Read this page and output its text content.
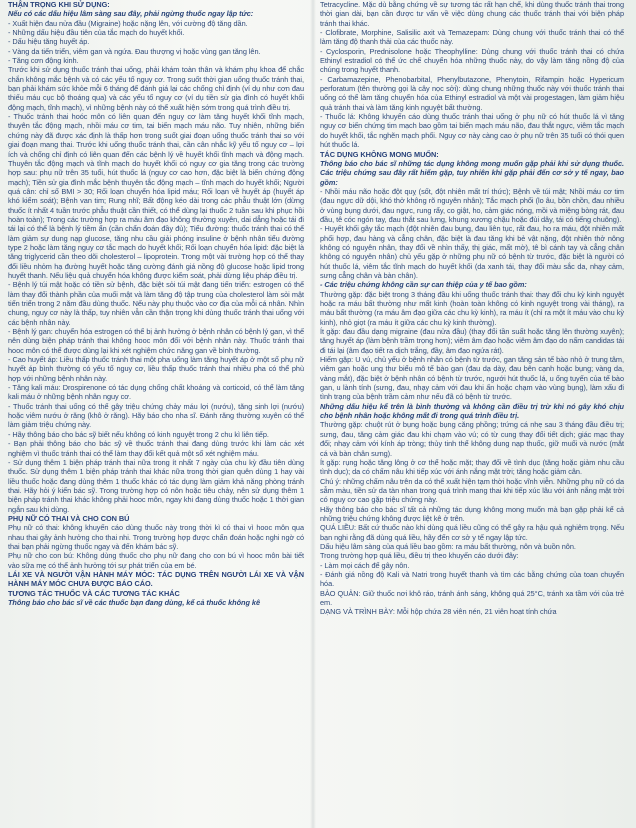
THẬN TRỌNG KHI SỬ DỤNG:

Nếu có các dấu hiệu lâm sàng sau đây, phải ngừng thuốc ngay lập tức:

- Xuất hiện đau nửa đầu (Migraine) hoặc nặng lên, với cường độ tăng dần.

- Những dấu hiệu đầu tiên của tắc mạch do huyết khối.

- Dấu hiệu tăng huyết áp.

- Vàng da tiến triển, viêm gan và ngứa. Đau thượng vị hoặc vùng gan tăng lên.

- Tăng cơn động kinh.

Trước khi sử dụng thuốc tránh thai uống, phải khám toàn thân và khám phụ khoa để chắc chắn không mắc bệnh và có các yếu tố nguy cơ. Trong suốt thời gian uống thuốc tránh thai, bạn phải khám sức khỏe mỗi 6 tháng để đánh giá lại các chống chỉ định (ví dụ như cơn đau thiếu máu cục bộ thoáng qua) và các yếu tố nguy cơ (ví dụ tiền sử gia đình có huyết khối động mạch, tĩnh mạch), vì những bệnh này có thể xuất hiện sớm trong quá trình điều trị.

- Thuốc tránh thai hoóc môn có liên quan đến nguy cơ làm tăng huyết khối tĩnh mạch, thuyên tắc động mạch, nhồi máu cơ tim, tai biến mạch máu não. Tuy nhiên, những biến chứng này đã được xác định là thấp hơn trong suốt giai đoạn uống thuốc tránh thai so với giai đoạn mang thai. Trước khi uống thuốc tránh thai, cần cân nhắc kỹ yếu tố nguy cơ – lợi ích và chống chỉ định có liên quan đến các bệnh lý về huyết khối tĩnh mạch và động mạch. Thuyên tắc động mạch và tĩnh mạch do huyết khối có nguy cơ gia tăng trong các trường hợp sau: phụ nữ trên 35 tuổi, hút thuốc lá (nguy cơ cao hơn, đặc biệt là biến chứng động mạch); Tiền sử gia đình mắc bệnh thuyên tắc động mạch – tĩnh mạch do huyết khối; Người quá cân: chỉ số BMI > 30; Rối loạn chuyển hóa lipid máu; Rối loạn về huyết áp (huyết áp khó kiểm soát); Bệnh van tim; Rung nhĩ; Bất động kéo dài trong các phẫu thuật lớn (dừng thuốc ít nhất 4 tuần trước phẫu thuật cần thiết, có thể dùng lại thuốc 2 tuần sau khi phục hồi hoàn toàn); Trong các trường hợp ra máu âm đạo không thường xuyên, dai dẳng hoặc tái đi tái lại có thể là bệnh lý tiềm ẩn (cần chẩn đoán đầy đủ); Tiểu đường: thuốc tránh thai có thể làm giảm sự dung nạp glucose, tăng nhu cầu giải phóng insuline ở bệnh nhân tiểu đường type 2 hoặc làm tăng nguy cơ tắc mạch do huyết khối; Rối loạn chuyển hóa lipid: đặc biệt là tăng triglycerid cần theo dõi cholesterol – lipoprotein. Trong một vài trường hợp có thể thay đổi liều nhỏm hạ đường huyết hoặc tăng cường đánh giá nồng độ glucose hoặc lipid trong huyết thanh. Nếu liệu quả chuyển hóa không được kiểm soát, phải dừng liệu pháp điều trị.

- Bệnh lý túi mật hoặc có tiền sử bệnh, đặc biệt sỏi túi mật đang tiến triển: estrogen có thể làm thay đổi thành phần của muối mật và làm tăng độ tập trung của cholesterol làm sỏi mật tiến triển trong 2 năm đầu dùng thuốc. Nếu này phụ thuộc vào cơ địa của mỗi cá nhân. Nhìn chung, nguy cơ này là thấp, tuy nhiên vẫn cần thận trọng khi dùng thuốc tránh thai uống với các bệnh nhân này.

- Bệnh lý gan: chuyển hóa estrogen có thể bị ảnh hưởng ở bệnh nhân có bệnh lý gan, vì thế nên dùng biện pháp tránh thai không hooc môn đối với bệnh nhân này. Thuốc tránh thai hooc môn có thể được dùng lại khi xét nghiệm chức năng gan về bình thường.

- Cao huyết áp: Liều thấp thuốc tránh thai một pha uống làm tăng huyết áp ở một số phụ nữ huyết áp bình thường có yếu tố nguy cơ, liều thấp thuốc tránh thai nhiều pha có thể phù hợp với những bệnh nhân này.

- Tăng kali máu: Drospirenone có tác dụng chống chất khoáng và corticoid, có thể làm tăng kali máu ở những bệnh nhân nguy cơ.

- Thuốc tránh thai uống có thể gây triệu chứng chảy máu lợi (nướu), tăng sinh lợi (nướu) hoặc viêm nướu ở răng (khô ở răng). Hãy báo cho nha sĩ. Đánh răng thường xuyên có thể làm giảm triệu chứng này.

- Hãy thông báo cho bác sỹ biết nếu không có kinh nguyệt trong 2 chu kì liên tiếp.

- Bạn phải thông báo cho bác sỹ về thuốc tránh thai đang dùng trước khi làm các xét nghiệm vì thuốc tránh thai có thể làm thay đổi kết quả một số xét nghiệm máu.

- Sử dụng thêm 1 biện pháp tránh thai nữa trong ít nhất 7 ngày của chu kỳ đầu tiên dùng thuốc. Sử dụng thêm 1 biện pháp tránh thai khác nữa trong thời gian quên dùng 1 hay vài liều thuốc hoặc đang dùng thêm 1 thuốc khác có tác dụng làm giảm khả năng phòng tránh thai. Hãy hỏi ý kiến bác sỹ. Trong trường hợp có nôn hoặc tiêu chảy, nên sử dụng thêm 1 biện pháp tránh thai khác không phải hooc môn, ngay khi đang dùng thuốc hoặc 1 thời gian ngắn sau khi dùng.

PHỤ NỮ CÓ THAI VÀ CHO CON BÚ

Phụ nữ có thai: không khuyến cáo dùng thuốc này trong thời kì có thai vì hooc môn qua nhau thai gây ảnh hưởng cho thai nhi. Trong trường hợp được chẩn đoán hoặc nghi ngờ có thai bạn phải ngừng thuốc ngay và đến khám bác sỹ.

Phụ nữ cho con bú: Không dùng thuốc cho phụ nữ đang cho con bú vì hooc môn bài tiết vào sữa mẹ có thể ảnh hưởng tới sự phát triển của em bé.

LÁI XE VÀ NGƯỜI VẬN HÀNH MÁY MÓC: TÁC DỤNG TRÊN NGƯỜI LÁI XE VÀ VẬN HÀNH MÁY MÓC CHƯA ĐƯỢC BÁO CÁO.

TƯƠNG TÁC THUỐC VÀ CÁC TƯƠNG TÁC KHÁC

Thông báo cho bác sĩ về các thuốc bạn đang dùng, kể cả thuốc không kê

Tetracycline. Mặc dù bằng chứng về sự tương tác rất hạn chế, khi dùng thuốc tránh thai trong thời gian dài, bạn cần được tư vấn về việc dùng chung các thuốc tránh thai với biện pháp tránh thai khác.

- Clofibrate, Morphine, Salisilic axit và Temazepam: Dùng chung với thuốc tránh thai có thể làm tăng độ thanh thải của các thuốc này.

- Cyclosporin, Prednisolone hoặc Theophylline: Dùng chung với thuốc tránh thai có chứa Ethinyl estradiol có thể ức chế chuyển hóa những thuốc này, do vậy làm tăng nồng độ của chúng trong huyết thanh.

- Carbamazepine, Phenobarbital, Phenylbutazone, Phenytoin, Rifampin hoặc Hypericum perforatum (tên thường gọi là cây nọc sởi): dùng chung những thuốc này với thuốc tránh thai uống có thể làm tăng chuyển hóa của Ethinyl estradiol và một vài progestagen, làm giảm hiệu quả tránh thai và làm tăng kinh nguyệt bất thường.

- Thuốc lá: Không khuyến cáo dùng thuốc tránh thai uống ở phụ nữ có hút thuốc lá vì tăng nguy cơ biến chứng tim mạch bao gồm tai biến mạch máu não, đau thắt ngực, viêm tắc mạch do huyết khối, tắc nghẽn mạch phổi. Nguy cơ này càng cao ở phụ nữ trên 35 tuổi có thói quen hút thuốc lá.

TÁC DỤNG KHÔNG MONG MUỐN:

Thông báo cho bác sĩ những tác dụng không mong muốn gặp phải khi sử dụng thuốc. Các triệu chứng sau đây rất hiếm gặp, tuy nhiên khi gặp phải đến cơ sở y tế ngay, bao gồm:

- Nhồi máu não hoặc đột quỵ (sốt, đột nhiên mất trí thức); Bệnh về túi mật; Nhồi máu cơ tim (đau ngực dữ dội, khó thở không rõ nguyên nhân); Tắc mạch phổi (lo âu, bồn chồn, đau nhiều ở vùng bụng dưới, đau ngực, rung rẩy, co giật, ho, cảm giác nóng, mồi và miệng bỏng rát, đau đầu, tê cóc ngón tay, đau thắt sau lưng, khung xương chậu hoặc đùi dây, tái có tiếng chuông).

- Huyết khối gây tắc mạch (đột nhiên đau bụng, đau liên tục, rất đau, ho ra máu, đột nhiên mất phối hợp, đau hàng và cẳng chân, đặc biệt là đau tăng khi bẻ vật nặng, đột nhiên thở nông không có nguyên nhân, thay đổi về nhìn thấy, thị giác, mất mờ), tê bì cánh tay và cẳng chân không có nguyên nhân) chủ yếu gặp ở những phụ nữ có bệnh từ trước, đặc biệt là người có hút thuốc lá, viêm tắc tĩnh mạch do huyết khối (da xanh tái, thay đổi màu sắc da, nhạy cảm, sưng cẳng chân và bàn chân).

- Các triệu chứng không cần sự can thiệp của y tế bao gồm:

Thường gặp: đặc biệt trong 3 tháng đầu khi uống thuốc tránh thai: thay đổi chu kỳ kinh nguyệt hoặc ra máu bất thường như mất kinh (hoàn toàn không có kinh nguyệt trong vài tháng), ra máu bất thường (ra máu âm đạo giữa các chu kỳ kinh), ra máu ít (chỉ ra một ít máu vào chu kỳ kinh), nhỏ giọt (ra máu ít giữa các chu kỳ kinh thường).

Ít gặp: đau đầu dạng migraine (đau nửa đầu) (thay đổi tần suất hoặc tăng lên thường xuyên); tăng huyết áp (làm bệnh trầm trọng hơn); viêm âm đạo hoặc viêm âm đạo do nấm candidas tái đi tái lại (âm đạo tiết ra dịch trắng, đầy, âm đạo ngứa rát).

Hiếm gặp: U vú, chủ yếu ở bệnh nhân có bệnh từ trước, gan tăng sản tế bào nhỏ ở trung tâm, viêm gan hoặc ung thư biểu mô tế bào gan (đau dạ dày, đau bên cạnh hoặc bụng; vàng da, vàng mắt), đặc biệt ở bệnh nhân có bệnh từ trước, ngưới hút thuốc lá, u ống tuyến của tế bào gan, u lành tính (sưng, đau, nhạy cảm với đau khi ấn hoặc chạm vào vùng bụng), làm xấu đi tình trạng của bệnh trầm cảm như nếu đã có bệnh từ trước.

Những dấu hiệu kể trên là bình thường và không cần điều trị trừ khi nó gây khó chịu cho bệnh nhân hoặc không mất đi trong quá trình điều trị.

Thường gặp: chuột rút ở bụng hoặc bụng căng phồng; trứng cá nhẹ sau 3 tháng đầu điều trị; sưng, đau, tăng cảm giác đau khi chạm vào vú; có từ cung thay đổi tiết dịch; giác mạc thay đổi; nhạy cảm với kính áp tròng; thủy tinh thể không dung nạp thuốc, giữ muối và nước (mắt cá và bàn chân sưng).

Ít gặp: rụng hoặc tăng lông ở cơ thể hoặc mặt; thay đổi về tình dục (tăng hoặc giảm nhu cầu tình dục); da có chấm nâu khi tiếp xúc với ánh nắng mặt trời; tăng hoặc giảm cân.

Chú ý: những chấm nâu trên da có thể xuất hiện tạm thời hoặc vĩnh viễn. Những phụ nữ có da sẫm màu, tiền sử da tàn nhan trong quá trình mang thai khi tiếp xúc lâu với ánh nắng mặt trời có nguy cơ cao gặp triệu chứng này.

Hãy thông báo cho bác sĩ tất cả những tác dụng không mong muốn mà bạn gặp phải kể cả những triệu chứng không được liệt kê ở trên.

QUÁ LIỀU: Bất cứ thuốc nào khi dùng quá liều cũng có thể gây ra hậu quả nghiêm trọng. Nếu bạn nghi rằng đã dùng quá liều, hãy đến cơ sở y tế ngay lập tức.

Dấu hiệu lâm sàng của quá liều bao gồm: ra máu bất thường, nôn và buồn nôn.

Trong trường hợp quá liều, điều trị theo khuyến cáo dưới đây:

- Làm mọi cách để gây nôn.

- Đánh giá nồng độ Kali và Natri trong huyết thanh và tìm các bằng chứng của toan chuyển hóa.

BẢO QUẢN: Giữ thuốc nơi khô ráo, tránh ánh sáng, không quá 25°C, tránh xa tầm với của trẻ em.

DẠNG VÀ TRÌNH BÀY: Mỗi hộp chứa 28 viên nén, 21 viên hoạt tính chứa
